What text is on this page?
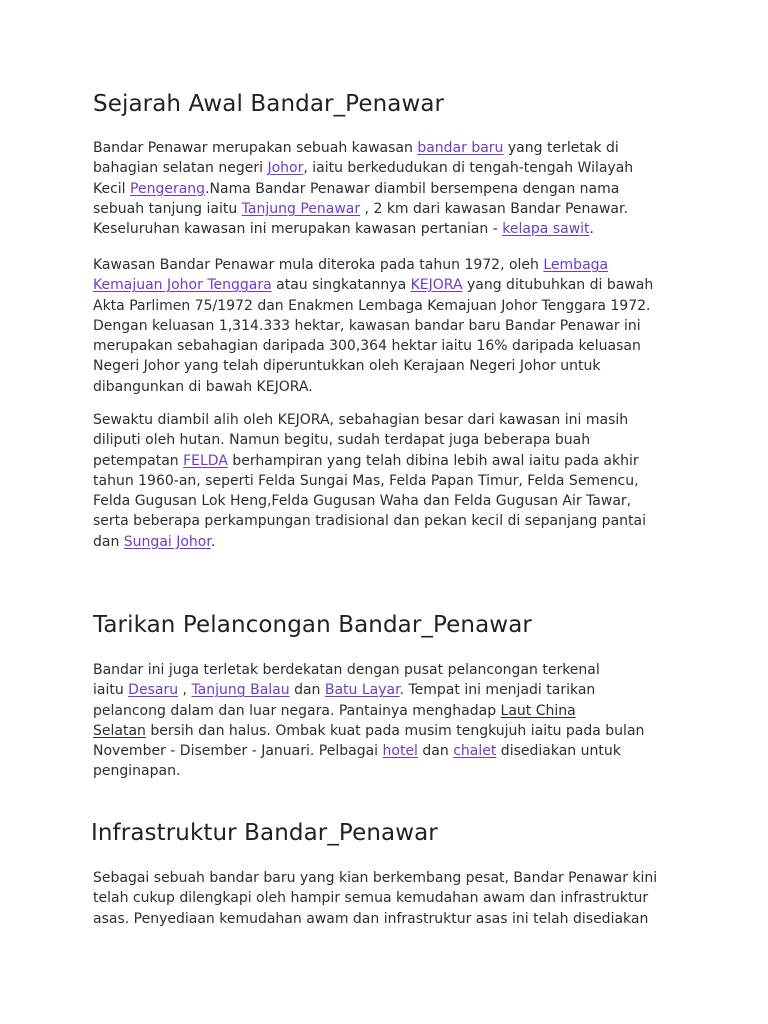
Sejarah Awal Bandar_Penawar

Bandar Penawar merupakan sebuah kawasan bandar baru yang terletak di
bahagian selatan negeri Johor, iaitu berkedudukan di tengah-tengah Wilayah
Kecil Pengerang.Nama Bandar Penawar diambil bersempena dengan nama
sebuah tanjung iaitu Tanjung Penawar , 2 km dari kawasan Bandar Penawar.
Keseluruhan kawasan ini merupakan kawasan pertanian - kelapa sawit.

Kawasan Bandar Penawar mula diteroka pada tahun 1972, oleh Lembaga
Kemajuan Johor Tenggara atau singkatannya KEJORA yang ditubuhkan di bawah
Akta Parlimen 75/1972 dan Enakmen Lembaga Kemajuan Johor Tenggara 1972.
Dengan keluasan 1,314.333 hektar, kawasan bandar baru Bandar Penawar ini
merupakan sebahagian daripada 300,364 hektar iaitu 16% daripada keluasan
Negeri Johor yang telah diperuntukkan oleh Kerajaan Negeri Johor untuk
dibangunkan di bawah KEJORA.

Sewaktu diambil alih oleh KEJORA, sebahagian besar dari kawasan ini masih
diliputi oleh hutan. Namun begitu, sudah terdapat juga beberapa buah
petempatan FELDA berhampiran yang telah dibina lebih awal iaitu pada akhir
tahun 1960-an, seperti Felda Sungai Mas, Felda Papan Timur, Felda Semencu,
Felda Gugusan Lok Heng,Felda Gugusan Waha dan Felda Gugusan Air Tawar,
serta beberapa perkampungan tradisional dan pekan kecil di sepanjang pantai
dan Sungai Johor.

Tarikan Pelancongan Bandar_Penawar

Bandar ini juga terletak berdekatan dengan pusat pelancongan terkenal
iaitu Desaru , Tanjung Balau dan Batu Layar. Tempat ini menjadi tarikan
pelancong dalam dan luar negara. Pantainya menghadap Laut China
Selatan bersih dan halus. Ombak kuat pada musim tengkujuh iaitu pada bulan
November - Disember - Januari. Pelbagai hotel dan chalet disediakan untuk
penginapan.

Infrastruktur Bandar_Penawar

Sebagai sebuah bandar baru yang kian berkembang pesat, Bandar Penawar kini
telah cukup dilengkapi oleh hampir semua kemudahan awam dan infrastruktur
asas. Penyediaan kemudahan awam dan infrastruktur asas ini telah disediakan
